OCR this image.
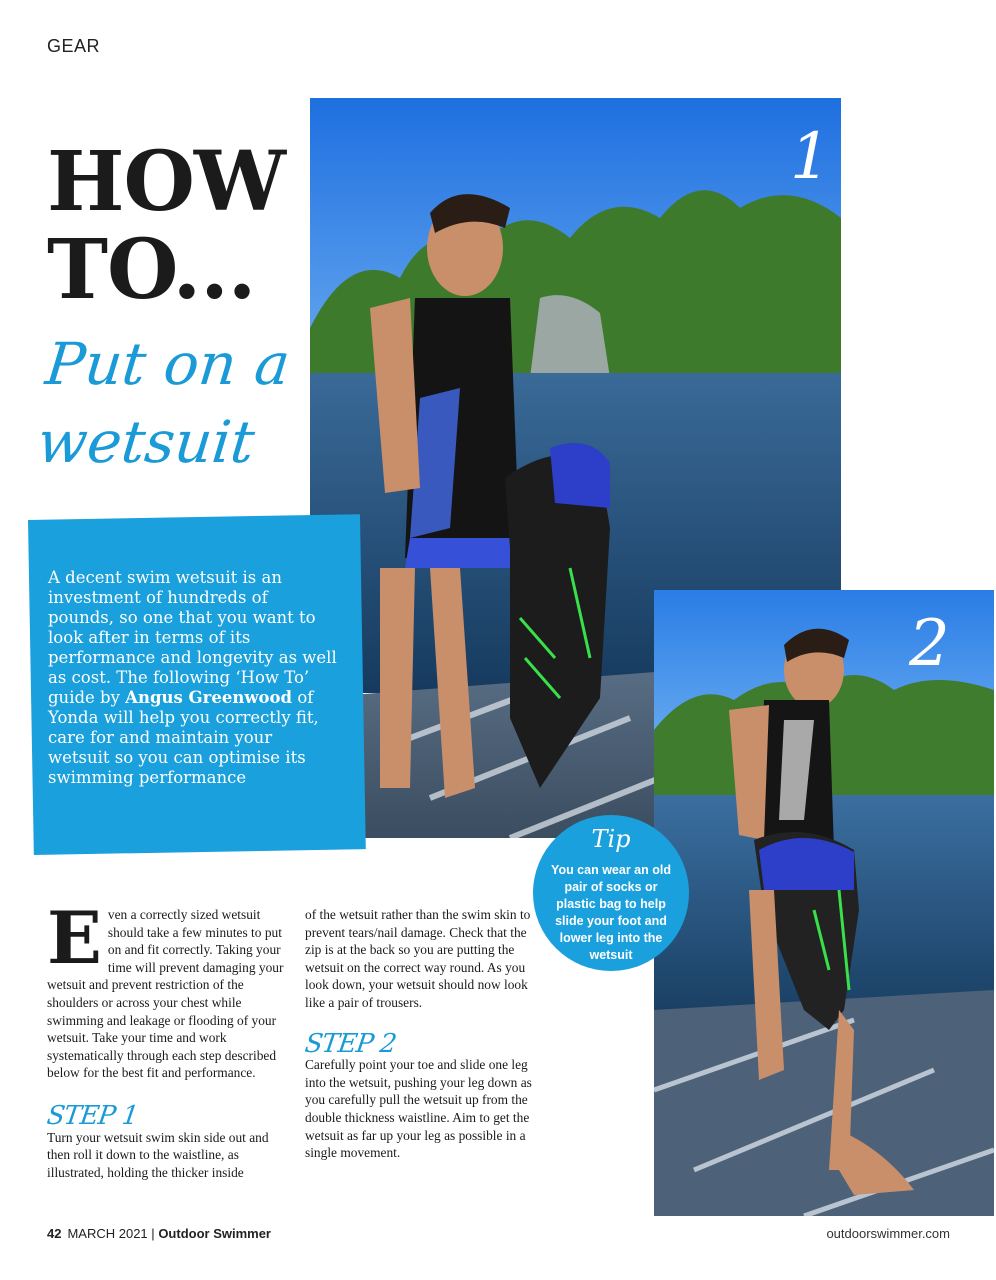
GEAR
HOW
TO...
Put on a
wetsuit
1
2
A decent swim wetsuit is an investment of hundreds of pounds, so one that you want to look after in terms of its performance and longevity as well as cost. The following ‘How To’ guide by Angus Greenwood of Yonda will help you correctly fit, care for and maintain your wetsuit so you can optimise its swimming performance
Tip
You can wear an old pair of socks or plastic bag to help slide your foot and lower leg into the wetsuit
Even a correctly sized wetsuit should take a few minutes to put on and fit correctly. Taking your time will prevent damaging your wetsuit and prevent restriction of the shoulders or across your chest while swimming and leakage or flooding of your wetsuit. Take your time and work systematically through each step described below for the best fit and performance.
STEP 1
Turn your wetsuit swim skin side out and then roll it down to the waistline, as illustrated, holding the thicker inside
of the wetsuit rather than the swim skin to prevent tears/nail damage. Check that the zip is at the back so you are putting the wetsuit on the correct way round. As you look down, your wetsuit should now look like a pair of trousers.
STEP 2
Carefully point your toe and slide one leg into the wetsuit, pushing your leg down as you carefully pull the wetsuit up from the double thickness waistline. Aim to get the wetsuit as far up your leg as possible in a single movement.
42 MARCH 2021 | Outdoor Swimmer	outdoorswimmer.com
